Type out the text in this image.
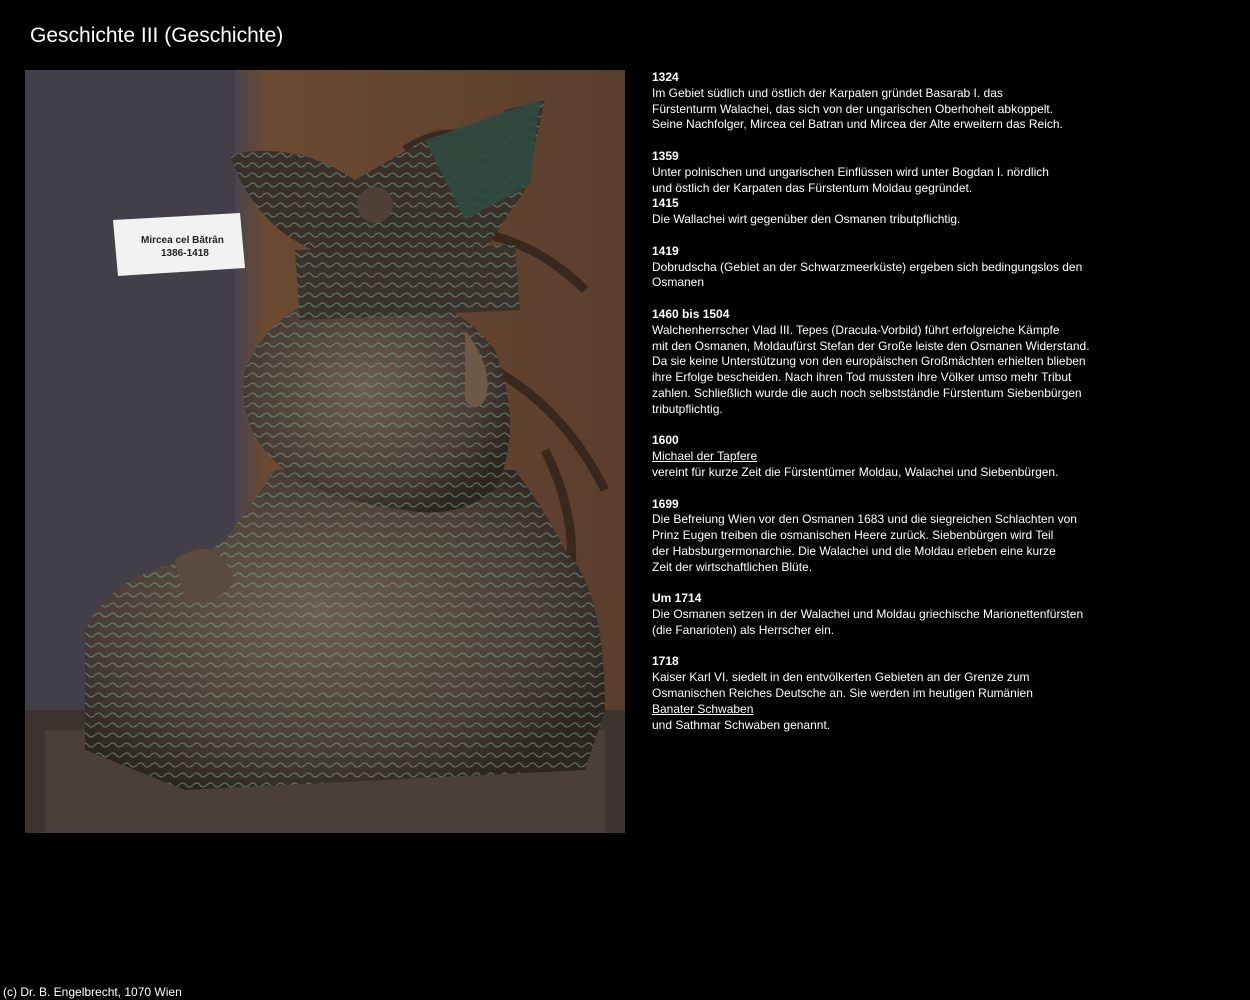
Geschichte III (Geschichte)
Mircea cel Bătrân
1386-1418
1324
Im Gebiet südlich und östlich der Karpaten gründet Basarab I. das
Fürstenturm Walachei, das sich von der ungarischen Oberhoheit abkoppelt.
Seine Nachfolger, Mircea cel Batran und Mircea der Alte erweitern das Reich.
1359
Unter polnischen und ungarischen Einflüssen wird unter Bogdan I. nördlich
und östlich der Karpaten das Fürstentum Moldau gegründet.
1415
Die Wallachei wirt gegenüber den Osmanen tributpflichtig.
1419
Dobrudscha (Gebiet an der Schwarzmeerküste) ergeben sich bedingungslos den
Osmanen
1460 bis 1504
Walchenherrscher Vlad III. Tepes (Dracula-Vorbild) führt erfolgreiche Kämpfe
mit den Osmanen, Moldaufürst Stefan der Große leiste den Osmanen Widerstand.
Da sie keine Unterstützung von den europäischen Großmächten erhielten blieben
ihre Erfolge bescheiden. Nach ihren Tod mussten ihre Völker umso mehr Tribut
zahlen. Schließlich wurde die auch noch selbstständie Fürstentum Siebenbürgen
tributpflichtig.
1600
Michael der Tapfere
vereint für kurze Zeit die Fürstentümer Moldau, Walachei und Siebenbürgen.
1699
Die Befreiung Wien vor den Osmanen 1683 und die siegreichen Schlachten von
Prinz Eugen treiben die osmanischen Heere zurück. Siebenbürgen wird Teil
der Habsburgermonarchie. Die Walachei und die Moldau erleben eine kurze
Zeit der wirtschaftlichen Blüte.
Um 1714
Die Osmanen setzen in der Walachei und Moldau griechische Marionettenfürsten
(die Fanarioten) als Herrscher ein.
1718
Kaiser Karl VI. siedelt in den entvölkerten Gebieten an der Grenze zum
Osmanischen Reiches Deutsche an. Sie werden im heutigen Rumänien
Banater Schwaben
und Sathmar Schwaben genannt.
(c) Dr. B. Engelbrecht, 1070 Wien
